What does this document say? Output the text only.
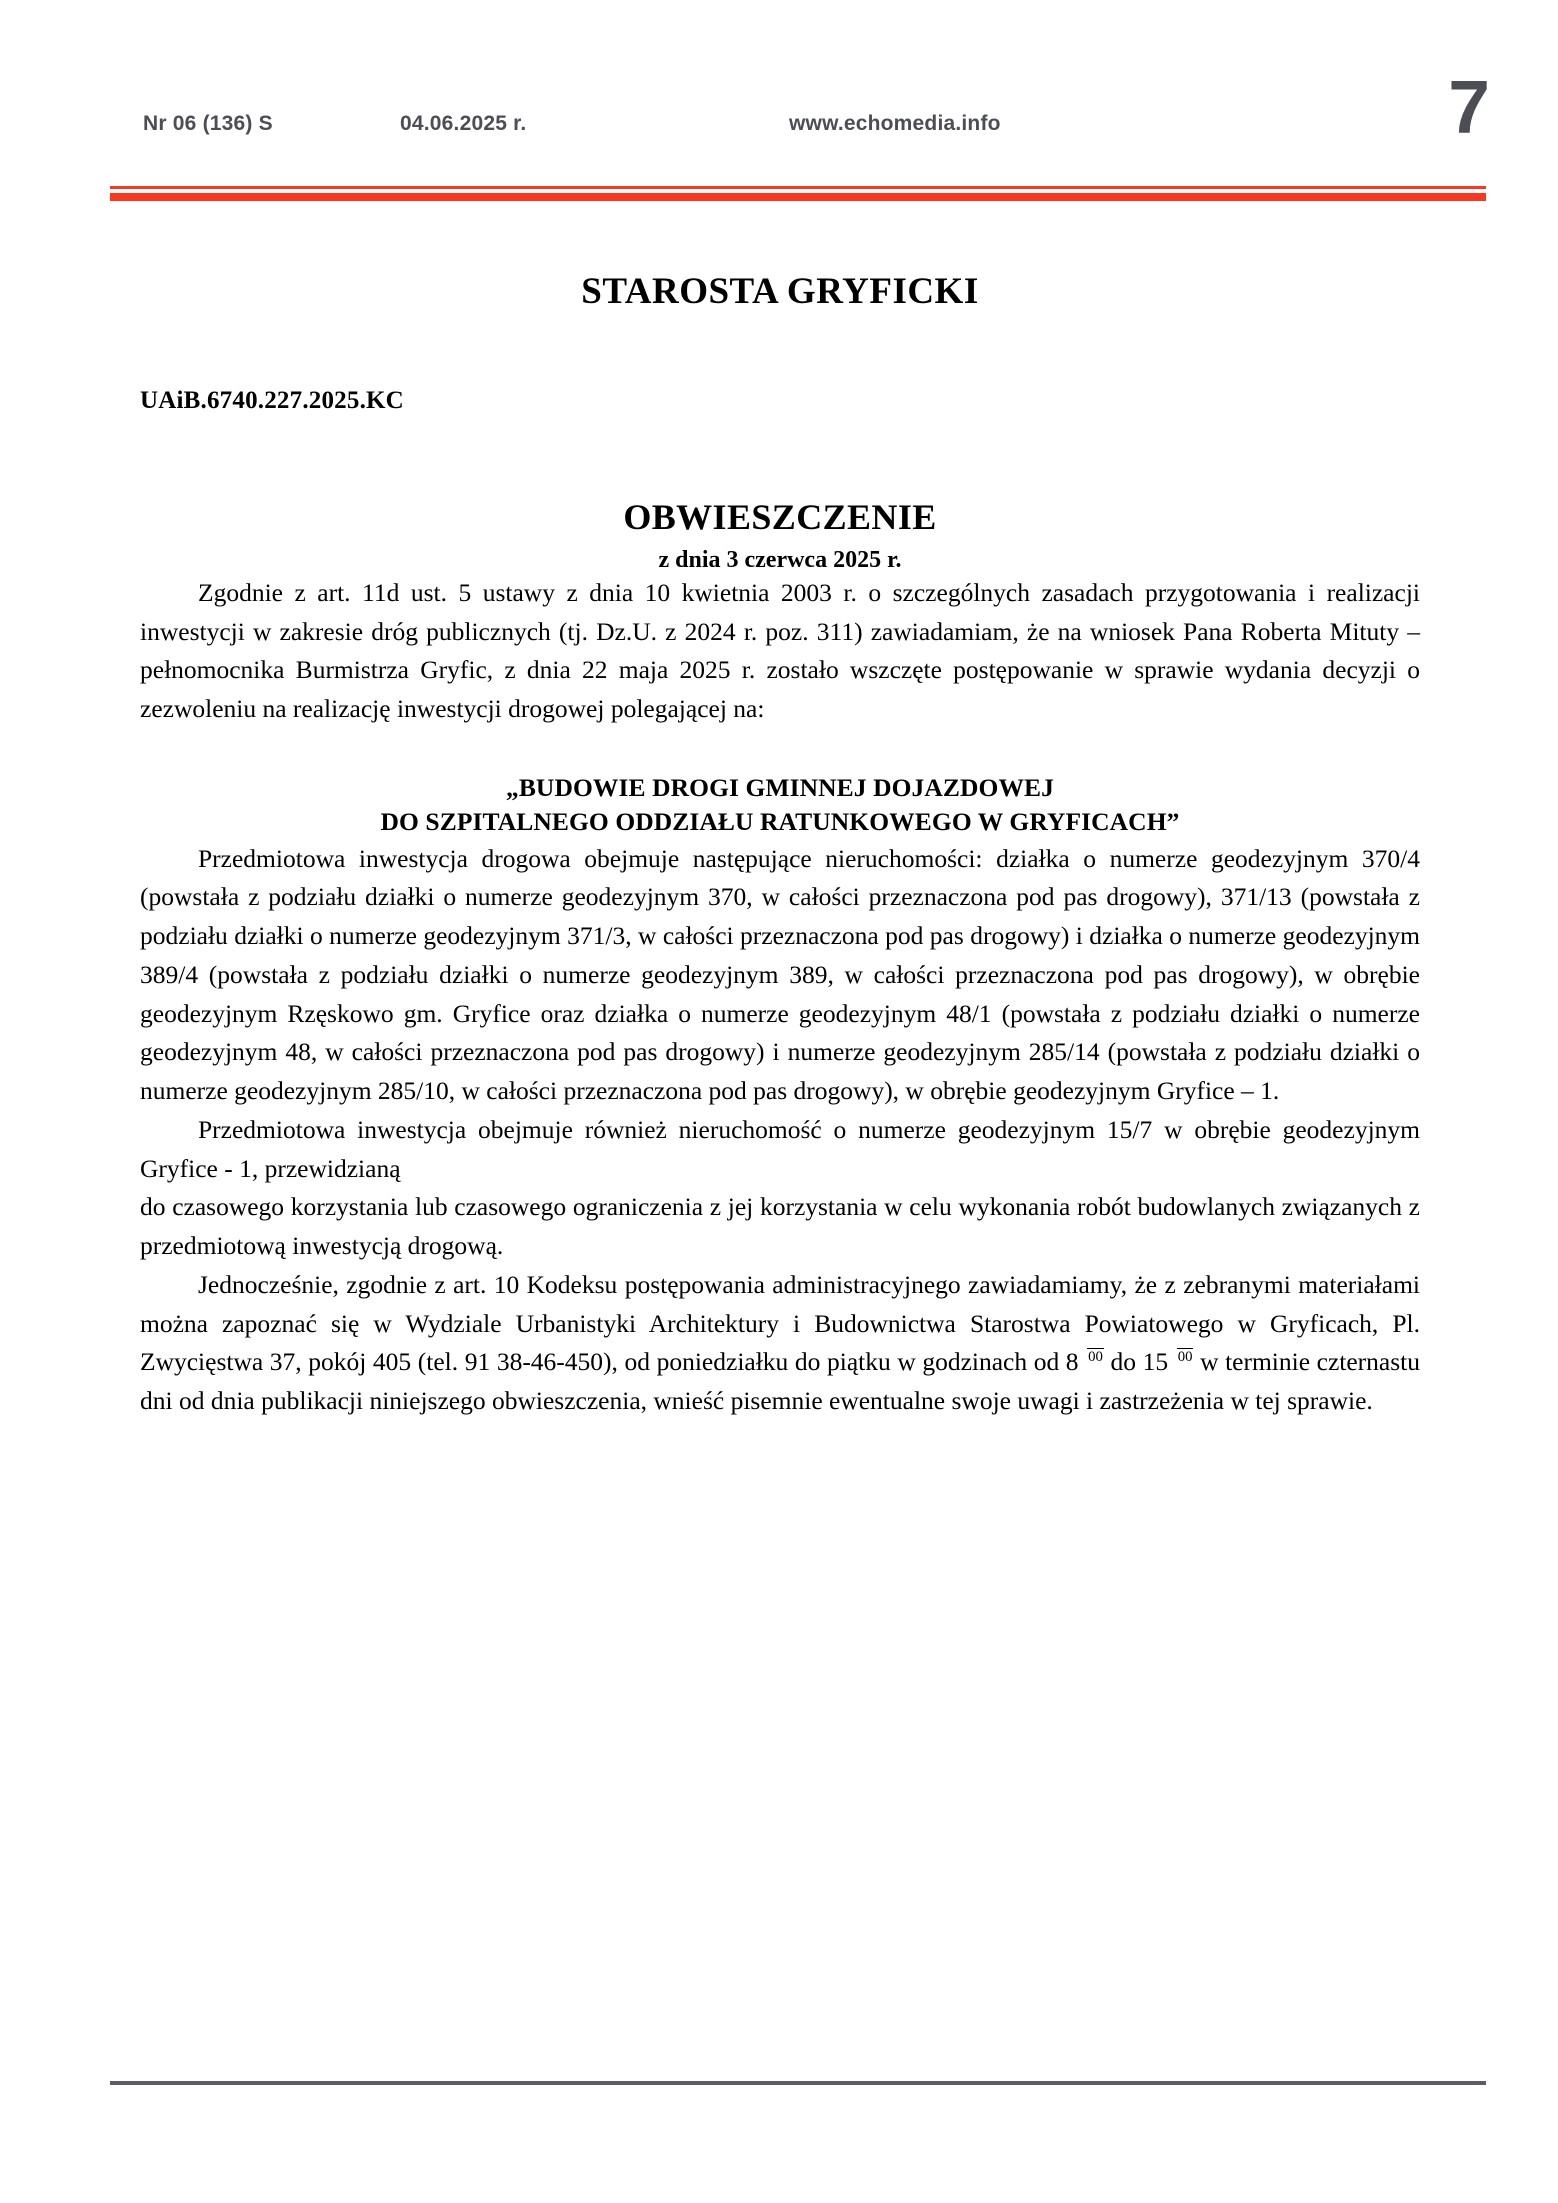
Nr 06 (136) S	04.06.2025 r.	www.echomedia.info	7
STAROSTA GRYFICKI
UAiB.6740.227.2025.KC
OBWIESZCZENIE
z dnia 3 czerwca 2025 r.

Zgodnie z art. 11d ust. 5 ustawy z dnia 10 kwietnia 2003 r. o szczególnych zasadach przygotowania i realizacji inwestycji w zakresie dróg publicznych (tj. Dz.U. z 2024 r. poz. 311) zawiadamiam, że na wniosek Pana Roberta Mituty – pełnomocnika Burmistrza Gryfic, z dnia 22 maja 2025 r. zostało wszczęte postępowanie w sprawie wydania decyzji o zezwoleniu na realizację inwestycji drogowej polegającej na:

„BUDOWIE DROGI GMINNEJ DOJAZDOWEJ
DO SZPITALNEGO ODDZIAŁU RATUNKOWEGO W GRYFICACH”

Przedmiotowa inwestycja drogowa obejmuje następujące nieruchomości: działka o numerze geodezyjnym 370/4 (powstała z podziału działki o numerze geodezyjnym 370, w całości przeznaczona pod pas drogowy), 371/13 (powstała z podziału działki o numerze geodezyjnym 371/3, w całości przeznaczona pod pas drogowy) i działka o numerze geodezyjnym 389/4 (powstała z podziału działki o numerze geodezyjnym 389, w całości przeznaczona pod pas drogowy), w obrębie geodezyjnym Rzęskowo gm. Gryfice oraz działka o numerze geodezyjnym 48/1 (powstała z podziału działki o numerze geodezyjnym 48, w całości przeznaczona pod pas drogowy) i numerze geodezyjnym 285/14 (powstała z podziału działki o numerze geodezyjnym 285/10, w całości przeznaczona pod pas drogowy), w obrębie geodezyjnym Gryfice – 1.

Przedmiotowa inwestycja obejmuje również nieruchomość o numerze geodezyjnym 15/7 w obrębie geodezyjnym Gryfice - 1, przewidzianą

do czasowego korzystania lub czasowego ograniczenia z jej korzystania w celu wykonania robót budowlanych związanych z przedmiotową inwestycją drogową.

Jednocześnie, zgodnie z art. 10 Kodeksu postępowania administracyjnego zawiadamiamy, że z zebranymi materiałami można zapoznać się w Wydziale Urbanistyki Architektury i Budownictwa Starostwa Powiatowego w Gryficach, Pl. Zwycięstwa 37, pokój 405 (tel. 91 38-46-450), od poniedziałku do piątku w godzinach od 8 $^{00}$ do 15 $^{00}$ w terminie czternastu dni od dnia publikacji niniejszego obwieszczenia, wnieść pisemnie ewentualne swoje uwagi i zastrzeżenia w tej sprawie.
